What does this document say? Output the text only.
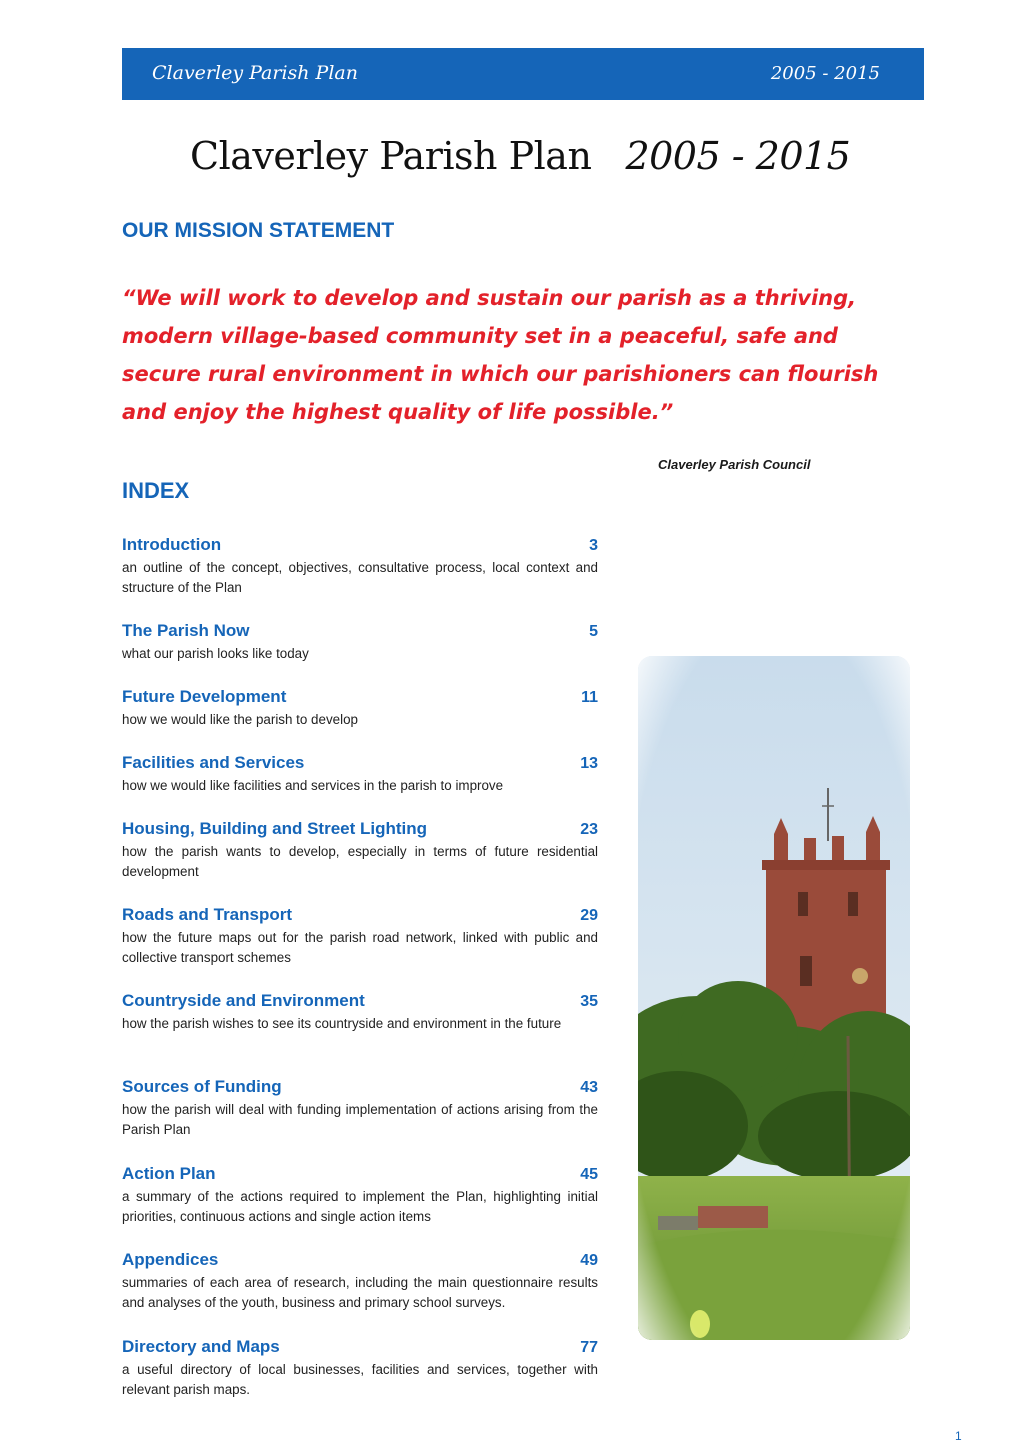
Claverley Parish Plan	2005 - 2015
Claverley Parish Plan 2005 - 2015
OUR MISSION STATEMENT
“We will work to develop and sustain our parish as a thriving, modern village-based community set in a peaceful, safe and secure rural environment in which our parishioners can flourish and enjoy the highest quality of life possible.”
Claverley Parish Council
INDEX
Introduction	3
an outline of the concept, objectives, consultative process, local context and structure of the Plan
The Parish Now	5
what our parish looks like today
Future Development	11
how we would like the parish to develop
Facilities and Services	13
how we would like facilities and services in the parish to improve
Housing, Building and Street Lighting	23
how the parish wants to develop, especially in terms of future residential development
Roads and Transport	29
how the future maps out for the parish road network, linked with public and collective transport schemes
Countryside and Environment	35
how the parish wishes to see its countryside and environment in the future
Sources of Funding	43
how the parish will deal with funding implementation of actions arising from the Parish Plan
Action Plan	45
a summary of the actions required to implement the Plan, highlighting initial priorities, continuous actions and single action items
Appendices	49
summaries of each area of research, including the main questionnaire results and analyses of the youth, business and primary school surveys.
Directory and Maps	77
a useful directory of local businesses, facilities and services, together with relevant parish maps.
1
